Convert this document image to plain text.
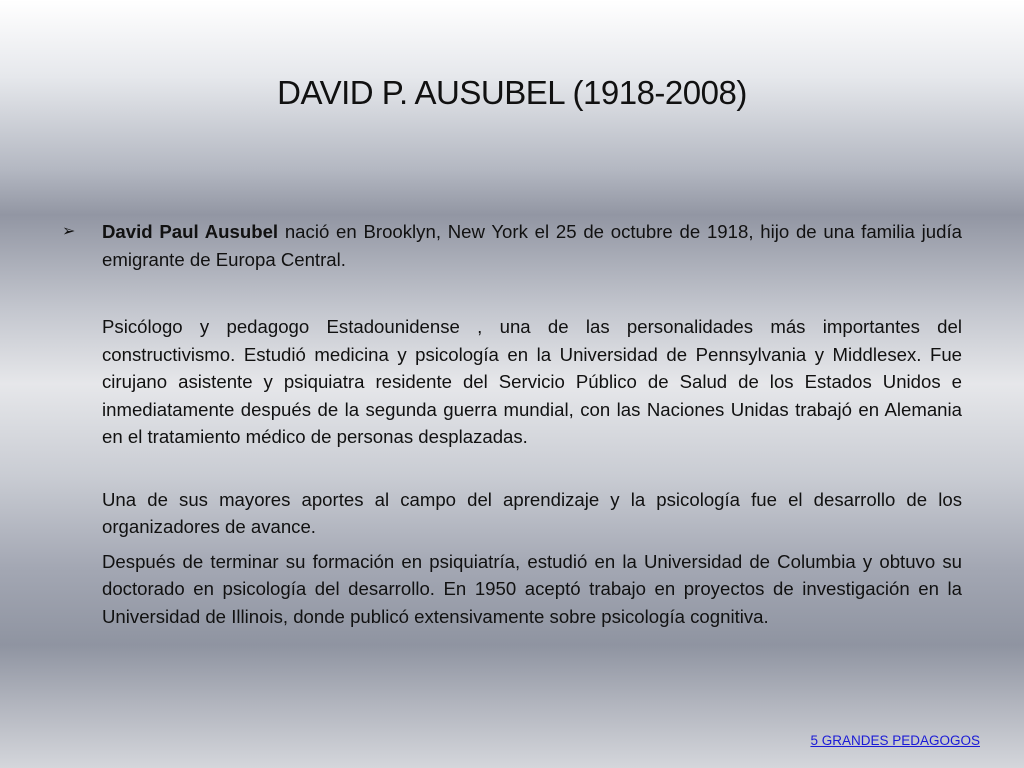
DAVID P. AUSUBEL (1918-2008)
➢	David Paul Ausubel nació en Brooklyn, New York el 25 de octubre de 1918, hijo de una familia judía emigrante de Europa Central.

Psicólogo y pedagogo Estadounidense , una de las personalidades más importantes del constructivismo. Estudió medicina y psicología en la Universidad de Pennsylvania y Middlesex. Fue cirujano asistente y psiquiatra residente del Servicio Público de Salud de los Estados Unidos e inmediatamente después de la segunda guerra mundial, con las Naciones Unidas trabajó en Alemania en el tratamiento médico de personas desplazadas.

Una de sus mayores aportes al campo del aprendizaje y la psicología fue el desarrollo de los organizadores de avance.

Después de terminar su formación en psiquiatría, estudió en la Universidad de Columbia y obtuvo su doctorado en psicología del desarrollo. En 1950 aceptó trabajo en proyectos de investigación en la Universidad de Illinois, donde publicó extensivamente sobre psicología cognitiva.

5 GRANDES PEDAGOGOS
